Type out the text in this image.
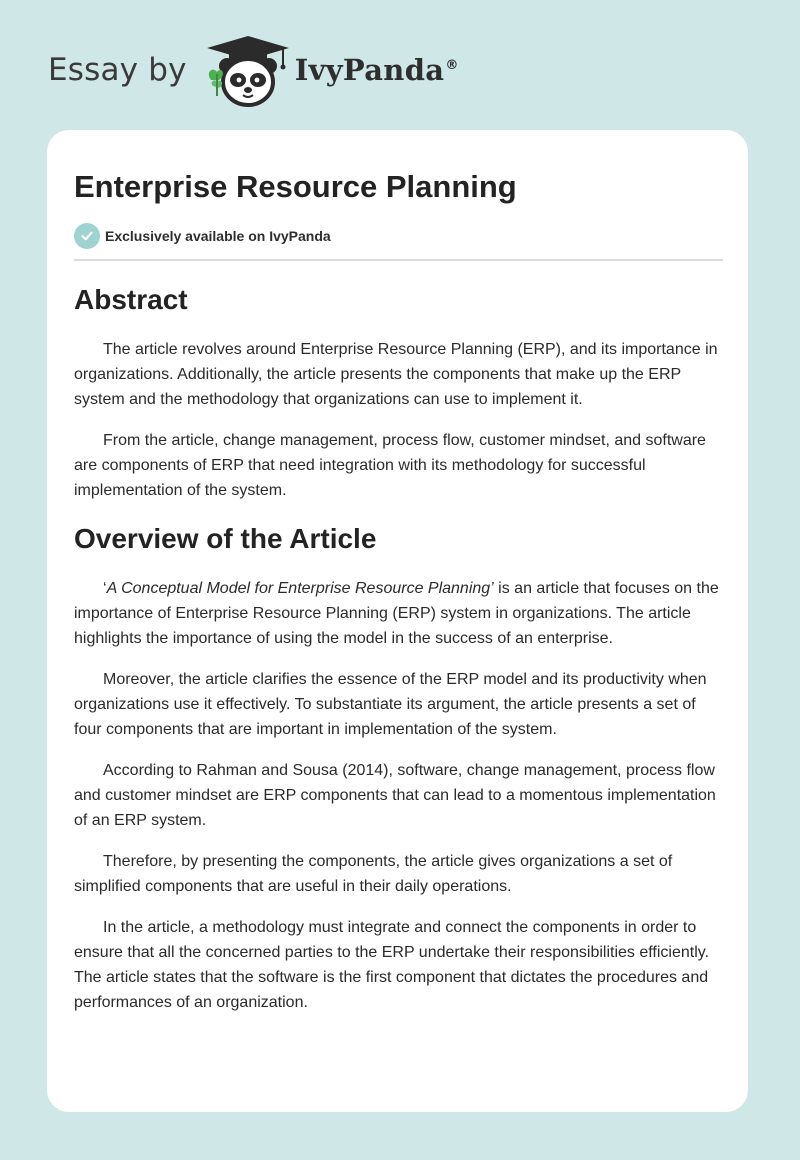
Essay by	IvyPanda®
Enterprise Resource Planning
Exclusively available on IvyPanda
Abstract

The article revolves around Enterprise Resource Planning (ERP), and its importance in organizations. Additionally, the article presents the components that make up the ERP system and the methodology that organizations can use to implement it.

From the article, change management, process flow, customer mindset, and software are components of ERP that need integration with its methodology for successful implementation of the system.

Overview of the Article

‘A Conceptual Model for Enterprise Resource Planning’ is an article that focuses on the importance of Enterprise Resource Planning (ERP) system in organizations. The article highlights the importance of using the model in the success of an enterprise.

Moreover, the article clarifies the essence of the ERP model and its productivity when organizations use it effectively. To substantiate its argument, the article presents a set of four components that are important in implementation of the system.

According to Rahman and Sousa (2014), software, change management, process flow and customer mindset are ERP components that can lead to a momentous implementation of an ERP system.

Therefore, by presenting the components, the article gives organizations a set of simplified components that are useful in their daily operations.

In the article, a methodology must integrate and connect the components in order to ensure that all the concerned parties to the ERP undertake their responsibilities efficiently. The article states that the software is the first component that dictates the procedures and performances of an organization.
